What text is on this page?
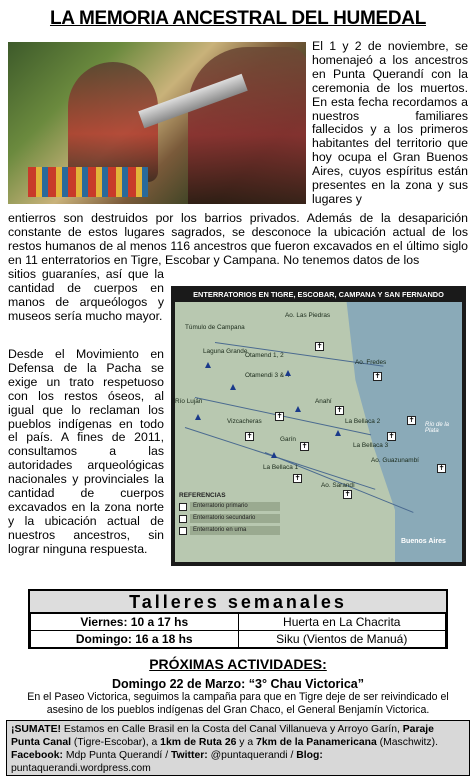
LA MEMORIA ANCESTRAL DEL HUMEDAL
El 1 y 2 de noviembre, se homenajeó a los ancestros en Punta Querandí con la ceremonia de los muertos. En esta fecha recordamos a nuestros familiares fallecidos y a los primeros habitantes del territorio que hoy ocupa el Gran Buenos Aires, cuyos espíritus están presentes en la zona y sus lugares y
entierros son destruidos por los barrios privados. Además de la desaparición constante de estos lugares sagrados, se desconoce la ubicación actual de los restos humanos de al menos 116 ancestros que fueron excavados en el último siglo en 11 enterratorios en Tigre, Escobar y Campana. No tenemos datos de los
sitios guaraníes, así que la cantidad de cuerpos en manos de arqueólogos y museos sería mucho mayor.
Desde el Movimiento en Defensa de la Pacha se exige un trato respetuoso con los restos óseos, al igual que lo reclaman los pueblos indígenas en todo el país. A fines de 2011, consultamos a las autoridades arqueológicas nacionales y provinciales la cantidad de cuerpos excavados en la zona norte y la ubicación actual de nuestros ancestros, sin lograr ninguna respuesta.
ENTERRATORIOS EN TIGRE, ESCOBAR, CAMPANA Y SAN FERNANDO
Ao. Las Piedras
Túmulo de Campana
Laguna Grande
Otamend 1, 2
Otamendi 3 & 4
Ao. Fredes
Río Luján	Anahí
Vizcacheras
Garín
La Bellaca 1
La Bellaca 2
La Bellaca 3
Ao. Guazunambí
Ao. Sarandí
Río de la Plata
Buenos Aires
✝
✝
✝
✝
✝
✝
✝
✝
✝
✝
✝
REFERENCIAS
Enterratorio primario
Enterratorio secundario
Enterratorio en urna
Talleres semanales
Viernes: 10 a 17 hs	Huerta en La Chacrita
Domingo: 16 a 18 hs	Siku (Vientos de Manuá)
PRÓXIMAS ACTIVIDADES:
Domingo 22 de Marzo: “3° Chau Victorica”
En el Paseo Victorica, seguimos la campaña para que en Tigre deje de ser reivindicado el asesino de los pueblos indígenas del Gran Chaco, el General Benjamín Victorica.
¡SUMATE! Estamos en Calle Brasil en la Costa del Canal Villanueva y Arroyo Garín, Paraje Punta Canal (Tigre-Escobar), a 1km de Ruta 26 y a 7km de la Panamericana (Maschwitz).
Facebook: Mdp Punta Querandí / Twitter: @puntaquerandi / Blog: puntaquerandi.wordpress.com
